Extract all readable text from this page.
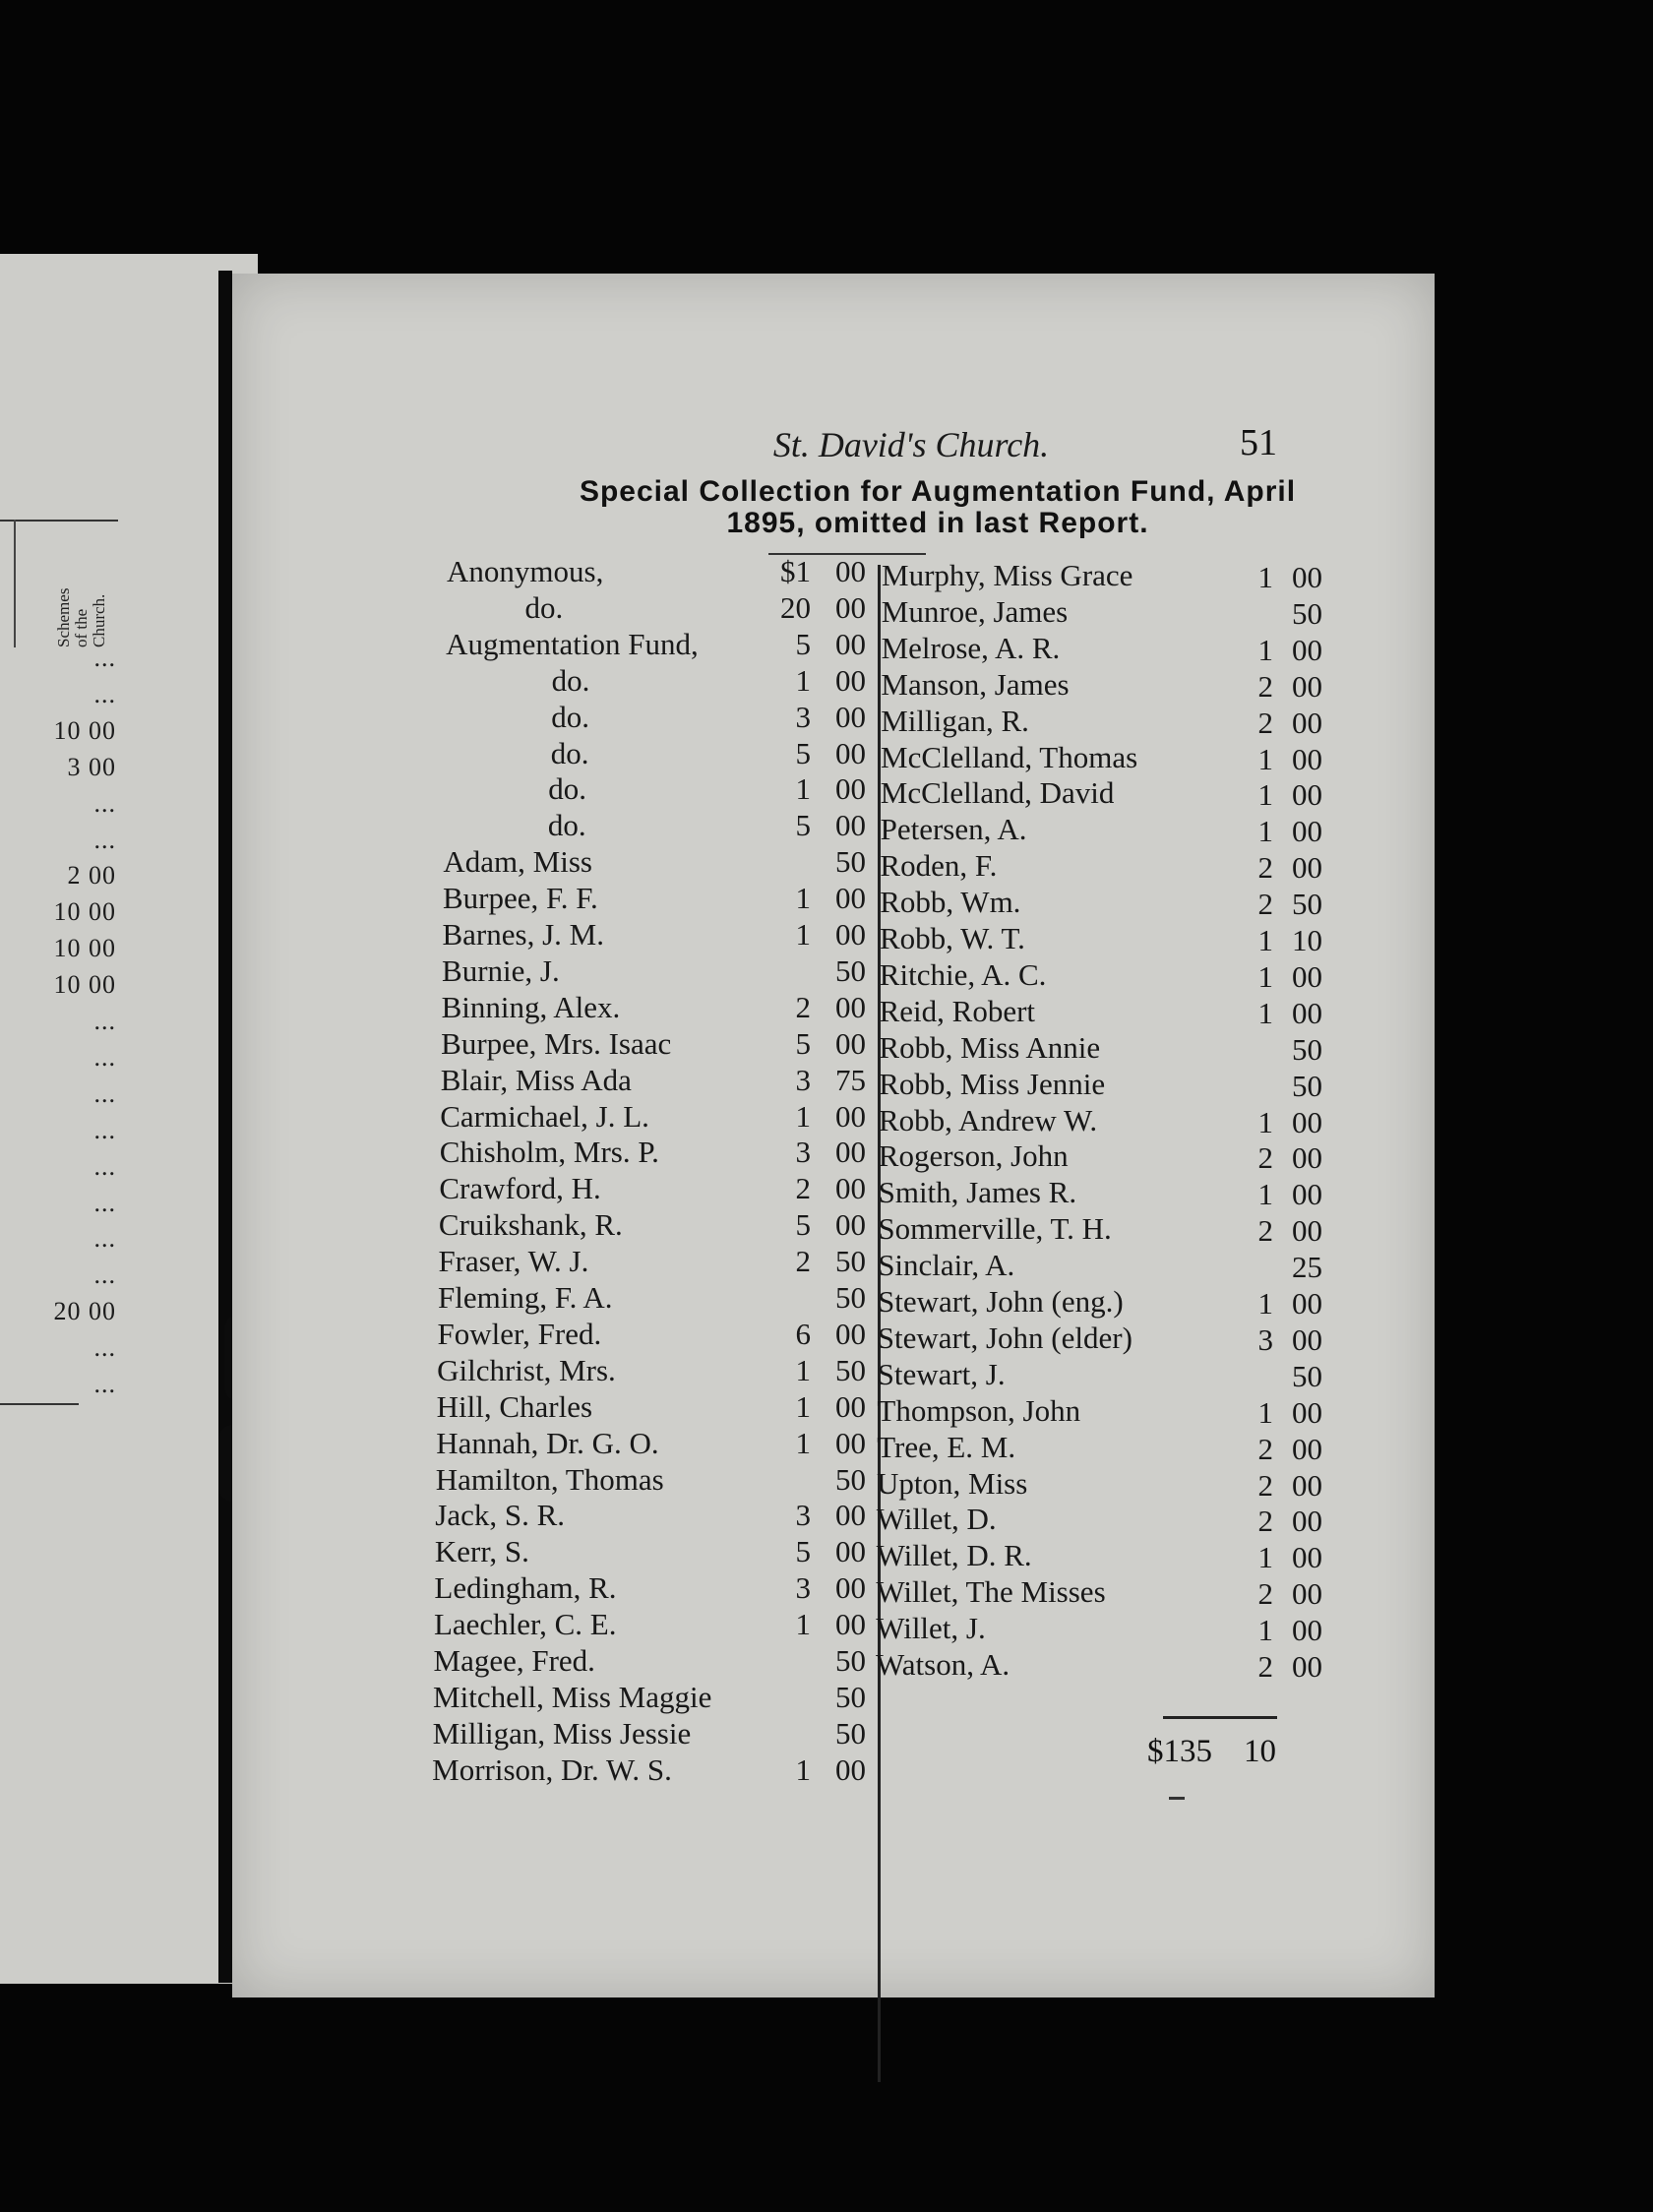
Schemes of the Church.
...
...
10 00
3 00
...
...
2 00
10 00
10 00
10 00
...
...
...
...
...
...
...
...
20 00
...
...
St. David's Church.	51
Special Collection for Augmentation Fund, April
1895, omitted in last Report.
Anonymous,	$1 00
do.	20 00
Augmentation Fund,	5 00
do.	1 00
do.	3 00
do.	5 00
do.	1 00
do.	5 00
Adam, Miss	50
Burpee, F. F.	1 00
Barnes, J. M.	1 00
Burnie, J.	50
Binning, Alex.	2 00
Burpee, Mrs. Isaac	5 00
Blair, Miss Ada	3 75
Carmichael, J. L.	1 00
Chisholm, Mrs. P.	3 00
Crawford, H.	2 00
Cruikshank, R.	5 00
Fraser, W. J.	2 50
Fleming, F. A.	50
Fowler, Fred.	6 00
Gilchrist, Mrs.	1 50
Hill, Charles	1 00
Hannah, Dr. G. O.	1 00
Hamilton, Thomas	50
Jack, S. R.	3 00
Kerr, S.	5 00
Ledingham, R.	3 00
Laechler, C. E.	1 00
Magee, Fred.	50
Mitchell, Miss Maggie	50
Milligan, Miss Jessie	50
Morrison, Dr. W. S.	1 00
Murphy, Miss Grace	1 00
Munroe, James	50
Melrose, A. R.	1 00
Manson, James	2 00
Milligan, R.	2 00
McClelland, Thomas	1 00
McClelland, David	1 00
Petersen, A.	1 00
Roden, F.	2 00
Robb, Wm.	2 50
Robb, W. T.	1 10
Ritchie, A. C.	1 00
Reid, Robert	1 00
Robb, Miss Annie	50
Robb, Miss Jennie	50
Robb, Andrew W.	1 00
Rogerson, John	2 00
Smith, James R.	1 00
Sommerville, T. H.	2 00
Sinclair, A.	25
Stewart, John (eng.)	1 00
Stewart, John (elder)	3 00
Stewart, J.	50
Thompson, John	1 00
Tree, E. M.	2 00
Upton, Miss	2 00
Willet, D.	2 00
Willet, D. R.	1 00
Willet, The Misses	2 00
Willet, J.	1 00
Watson, A.	2 00
$135 10
